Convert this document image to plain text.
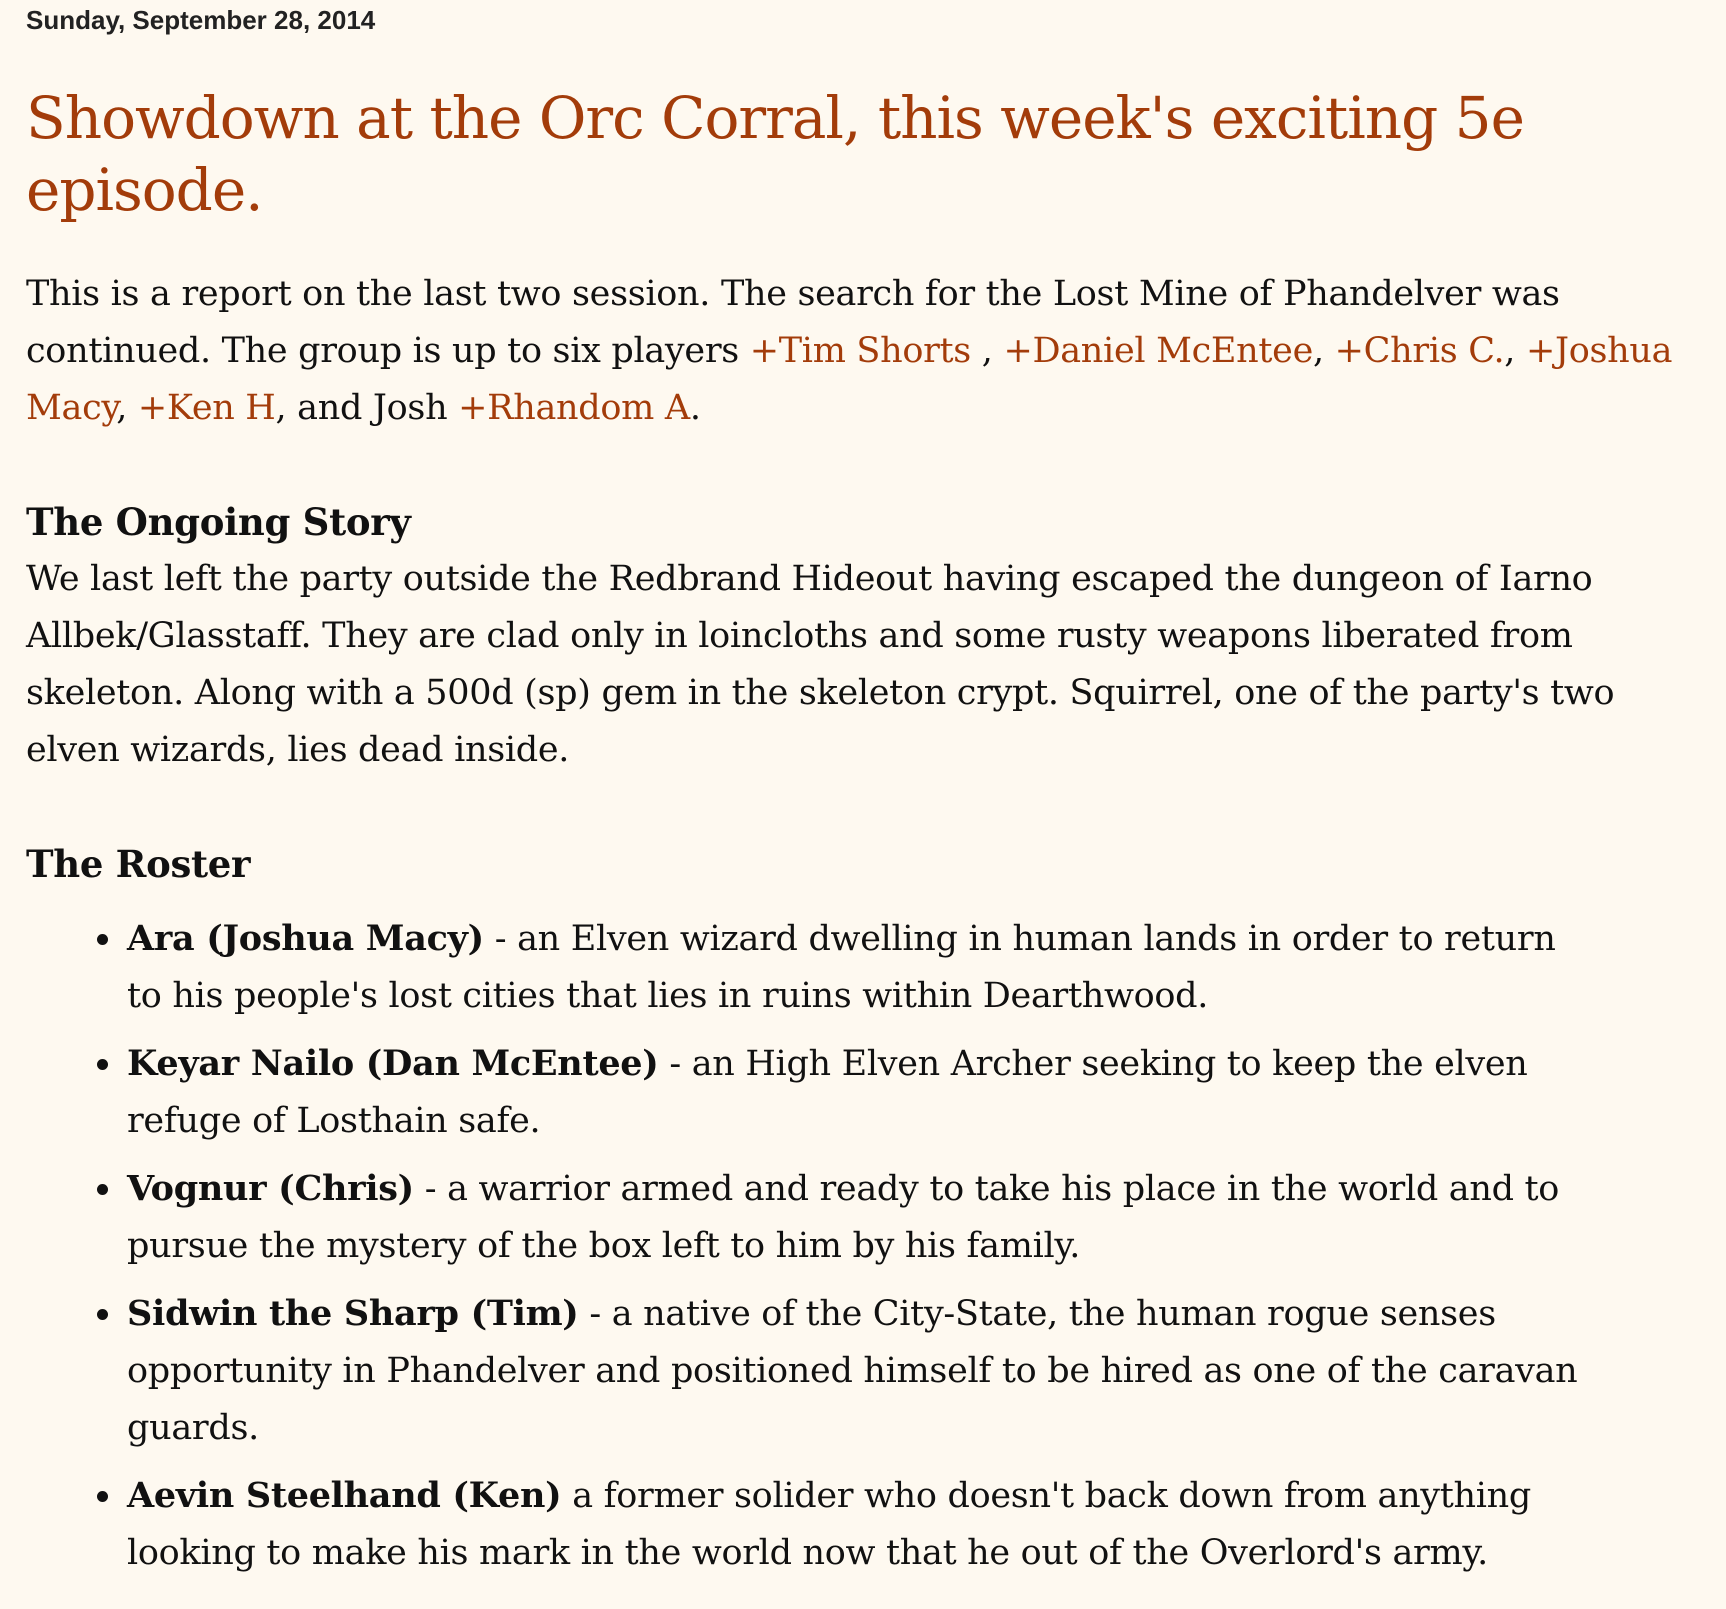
Sunday, September 28, 2014
Showdown at the Orc Corral, this week's exciting 5e episode.

This is a report on the last two session. The search for the Lost Mine of Phandelver was continued. The group is up to six players +Tim Shorts , +Daniel McEntee, +Chris C., +Joshua Macy, +Ken H, and Josh +Rhandom A.

The Ongoing Story

We last left the party outside the Redbrand Hideout having escaped the dungeon of Iarno Allbek/Glasstaff. They are clad only in loincloths and some rusty weapons liberated from skeleton. Along with a 500d (sp) gem in the skeleton crypt. Squirrel, one of the party's two elven wizards, lies dead inside.

The Roster
Ara (Joshua Macy) - an Elven wizard dwelling in human lands in order to return to his people's lost cities that lies in ruins within Dearthwood.
Keyar Nailo (Dan McEntee) - an High Elven Archer seeking to keep the elven refuge of Losthain safe.
Vognur (Chris) - a warrior armed and ready to take his place in the world and to pursue the mystery of the box left to him by his family.
Sidwin the Sharp (Tim) - a native of the City-State, the human rogue senses opportunity in Phandelver and positioned himself to be hired as one of the caravan guards.
Aevin Steelhand (Ken) a former solider who doesn't back down from anything looking to make his mark in the world now that he out of the Overlord's army.
